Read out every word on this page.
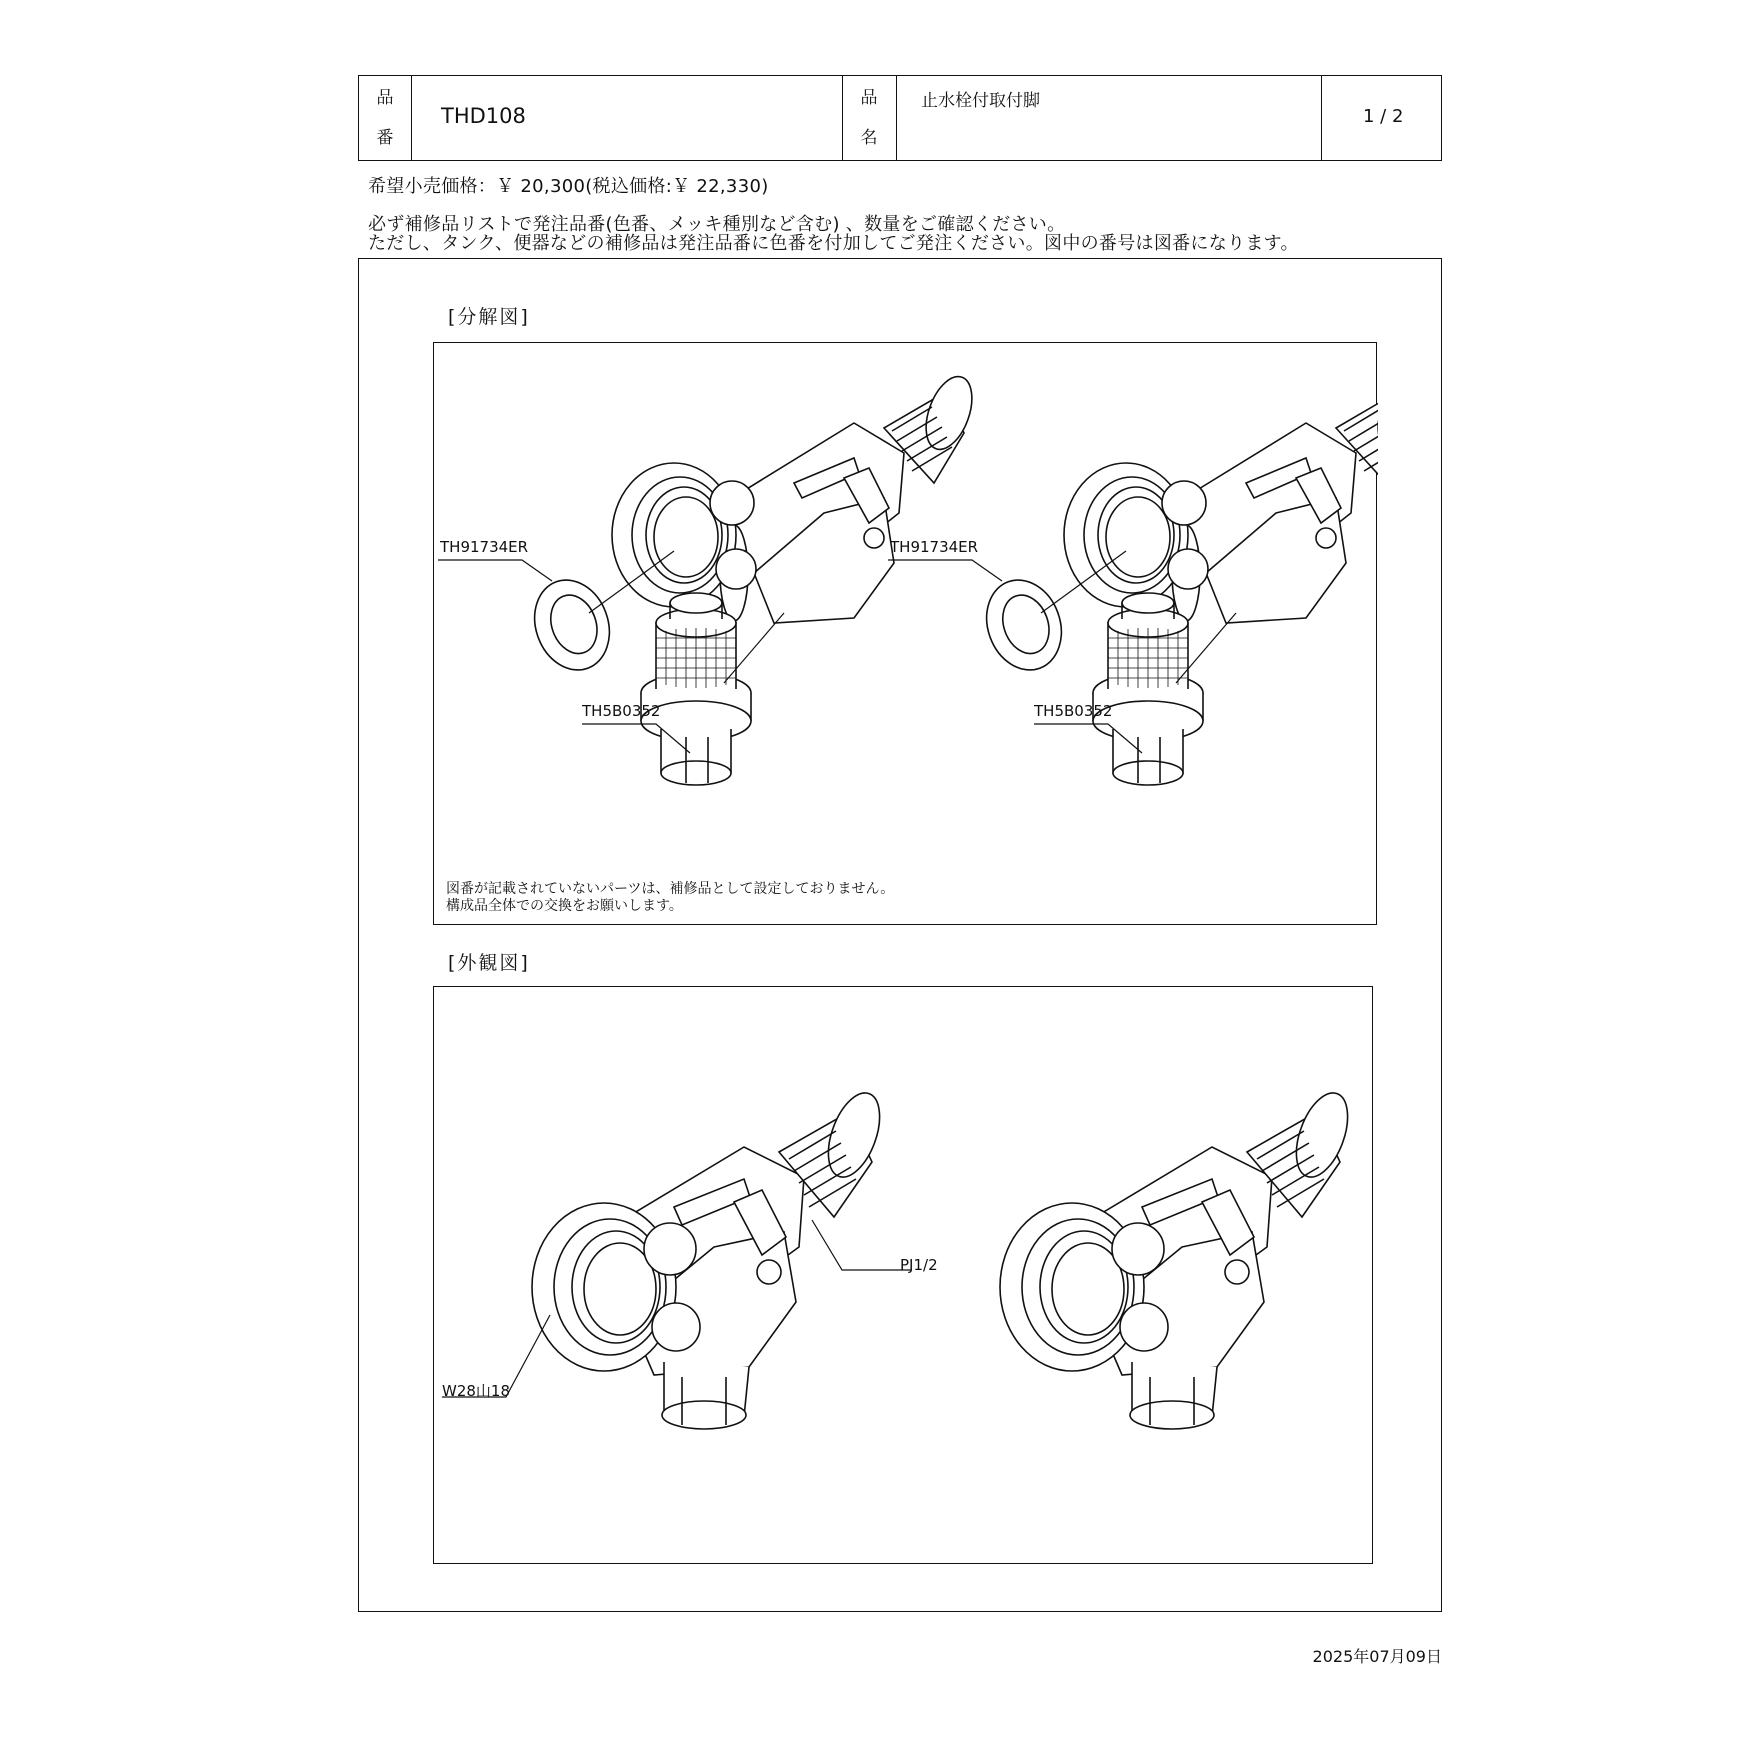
品
番
THD108
品
名
止水栓付取付脚
1 / 2
希望小売価格：￥ 20,300(税込価格:￥ 22,330)
必ず補修品リストで発注品番(色番、メッキ種別など含む) 、数量をご確認ください。
ただし、タンク、便器などの補修品は発注品番に色番を付加してご発注ください。図中の番号は図番になります。
[分解図]
TH91734ER	TH91734ER
TH5B0352	TH5B0352
図番が記載されていないパーツは、補修品として設定しておりません。
構成品全体での交換をお願いします。
[外観図]
PJ1/2
W28山18
2025年07月09日
